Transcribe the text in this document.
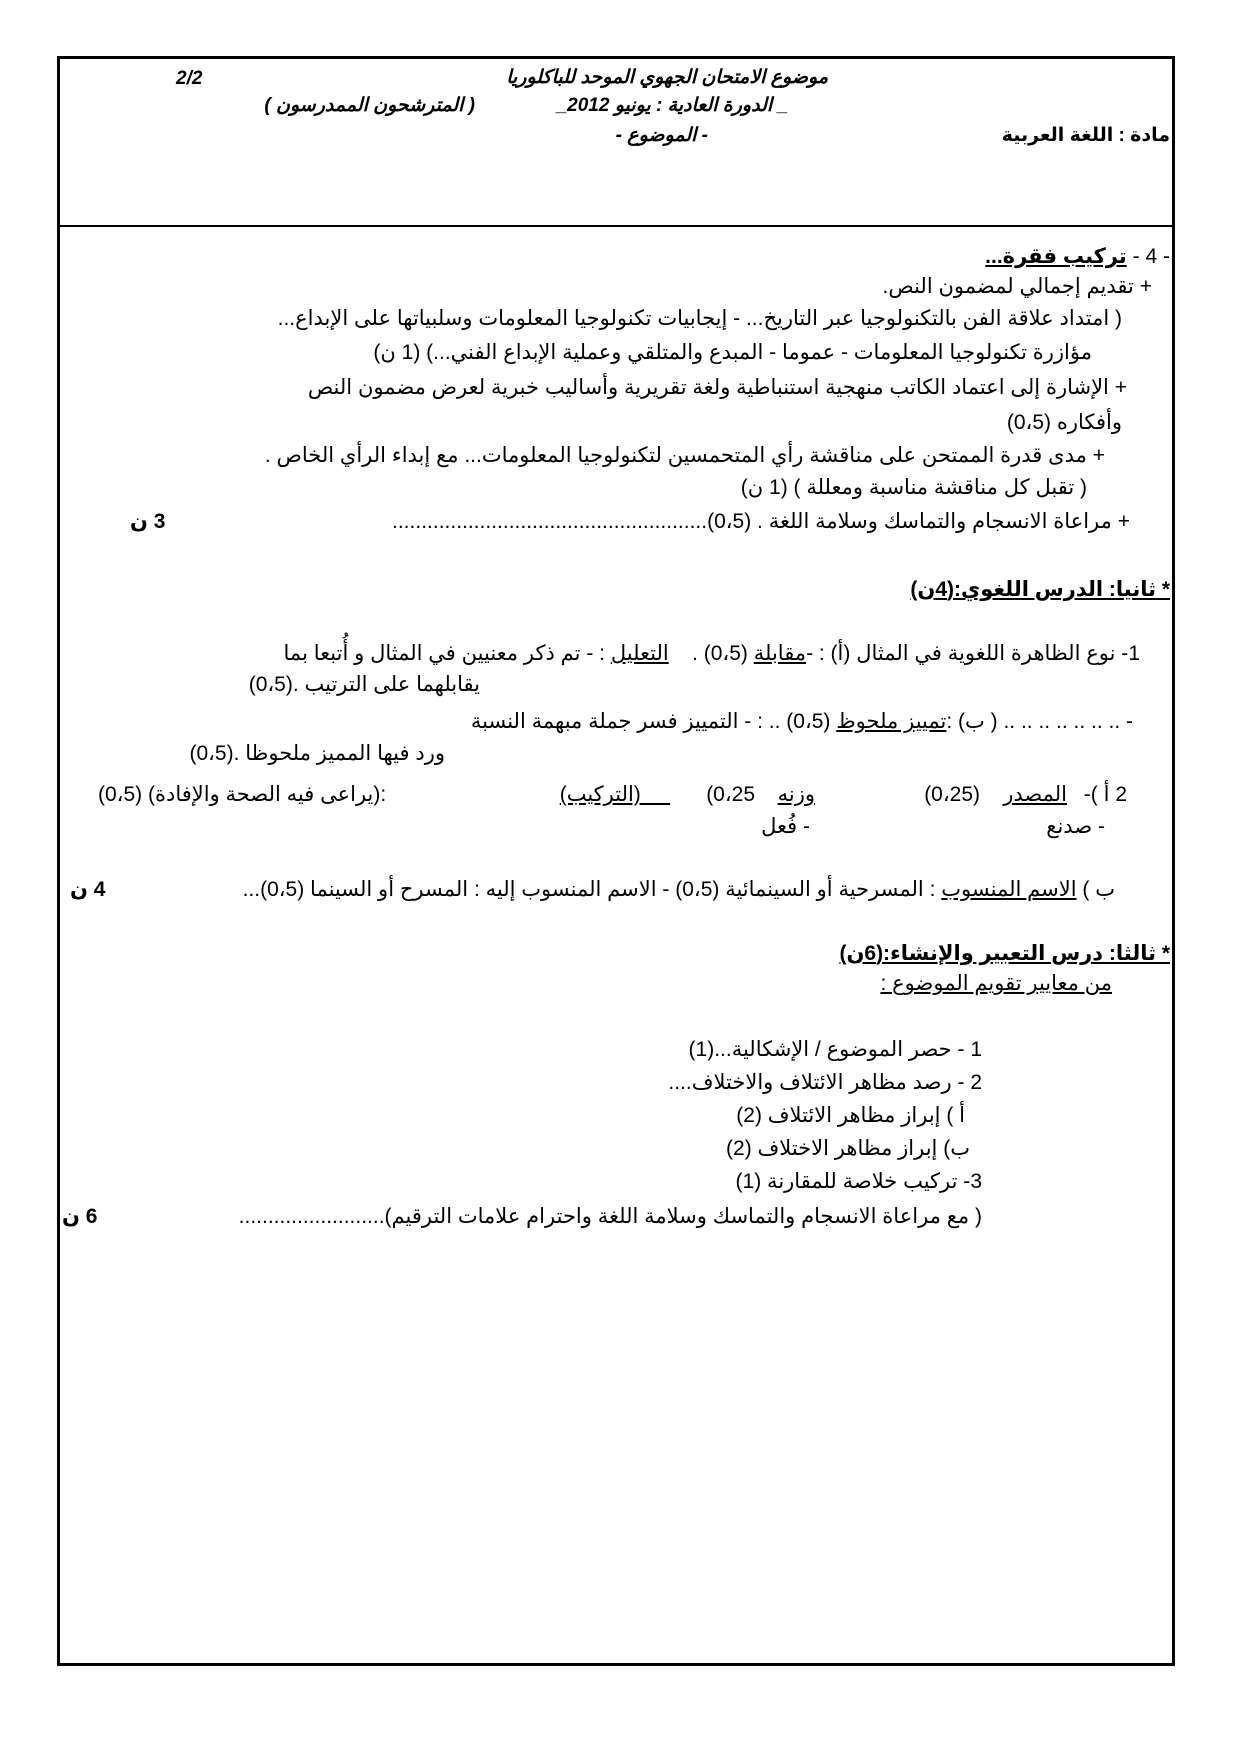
2/2	موضوع الامتحان الجهوي الموحد للباكلوريا
_ الدورة العادية : يونيو 2012_
( المترشحون الممدرسون )
مادة : اللغة العربية
- الموضوع -
- 4 - تركيب فقرة...
+ تقديم إجمالي لمضمون النص.
( امتداد علاقة الفن بالتكنولوجيا عبر التاريخ... - إيجابيات تكنولوجيا المعلومات وسلبياتها على الإبداع...
مؤازرة تكنولوجيا المعلومات - عموما - المبدع والمتلقي وعملية الإبداع الفني...) (1 ن)
+ الإشارة إلى اعتماد الكاتب منهجية استنباطية ولغة تقريرية وأساليب خبرية لعرض مضمون النص
وأفكاره (0،5)
+ مدى قدرة الممتحن على مناقشة رأي المتحمسين لتكنولوجيا المعلومات... مع إبداء الرأي الخاص .
( تقبل كل مناقشة مناسبة ومعللة ) (1 ن)
+ مراعاة الانسجام والتماسك وسلامة اللغة . (0،5)......................................................
3 ن
* ثانيا: الدرس اللغوي:(4ن)
1- نوع الظاهرة اللغوية في المثال (أ) : -مقابلة (0،5) .    التعليل : - تم ذكر معنيين في المثال و أُتبعا بما
يقابلهما على الترتيب .(0،5)
- .. .. .. .. .. .. .. ( ب) :تمييز ملحوظ (0،5) .. : - التمييز فسر جملة مبهمة النسبة
ورد فيها المميز ملحوظا .(0،5)
2 أ )-
المصدر
(0،25)
وزنه
(0،25
__ (التركيب)
:(يراعى فيه الصحة والإفادة) (0،5)
- صدنع
- فُعل
ب ) الاسم المنسوب : المسرحية أو السينمائية (0،5) - الاسم المنسوب إليه : المسرح أو السينما (0،5)...
4 ن
* ثالثا: درس التعبير والإنشاء:(6ن)
من معايير تقويم الموضوع :
1 - حصر الموضوع / الإشكالية...(1)
2 - رصد مظاهر الائتلاف والاختلاف....
أ ) إبراز مظاهر الائتلاف (2)
ب) إبراز مظاهر الاختلاف (2)
3- تركيب خلاصة للمقارنة (1)
( مع مراعاة الانسجام والتماسك وسلامة اللغة واحترام علامات الترقيم).........................
6 ن
